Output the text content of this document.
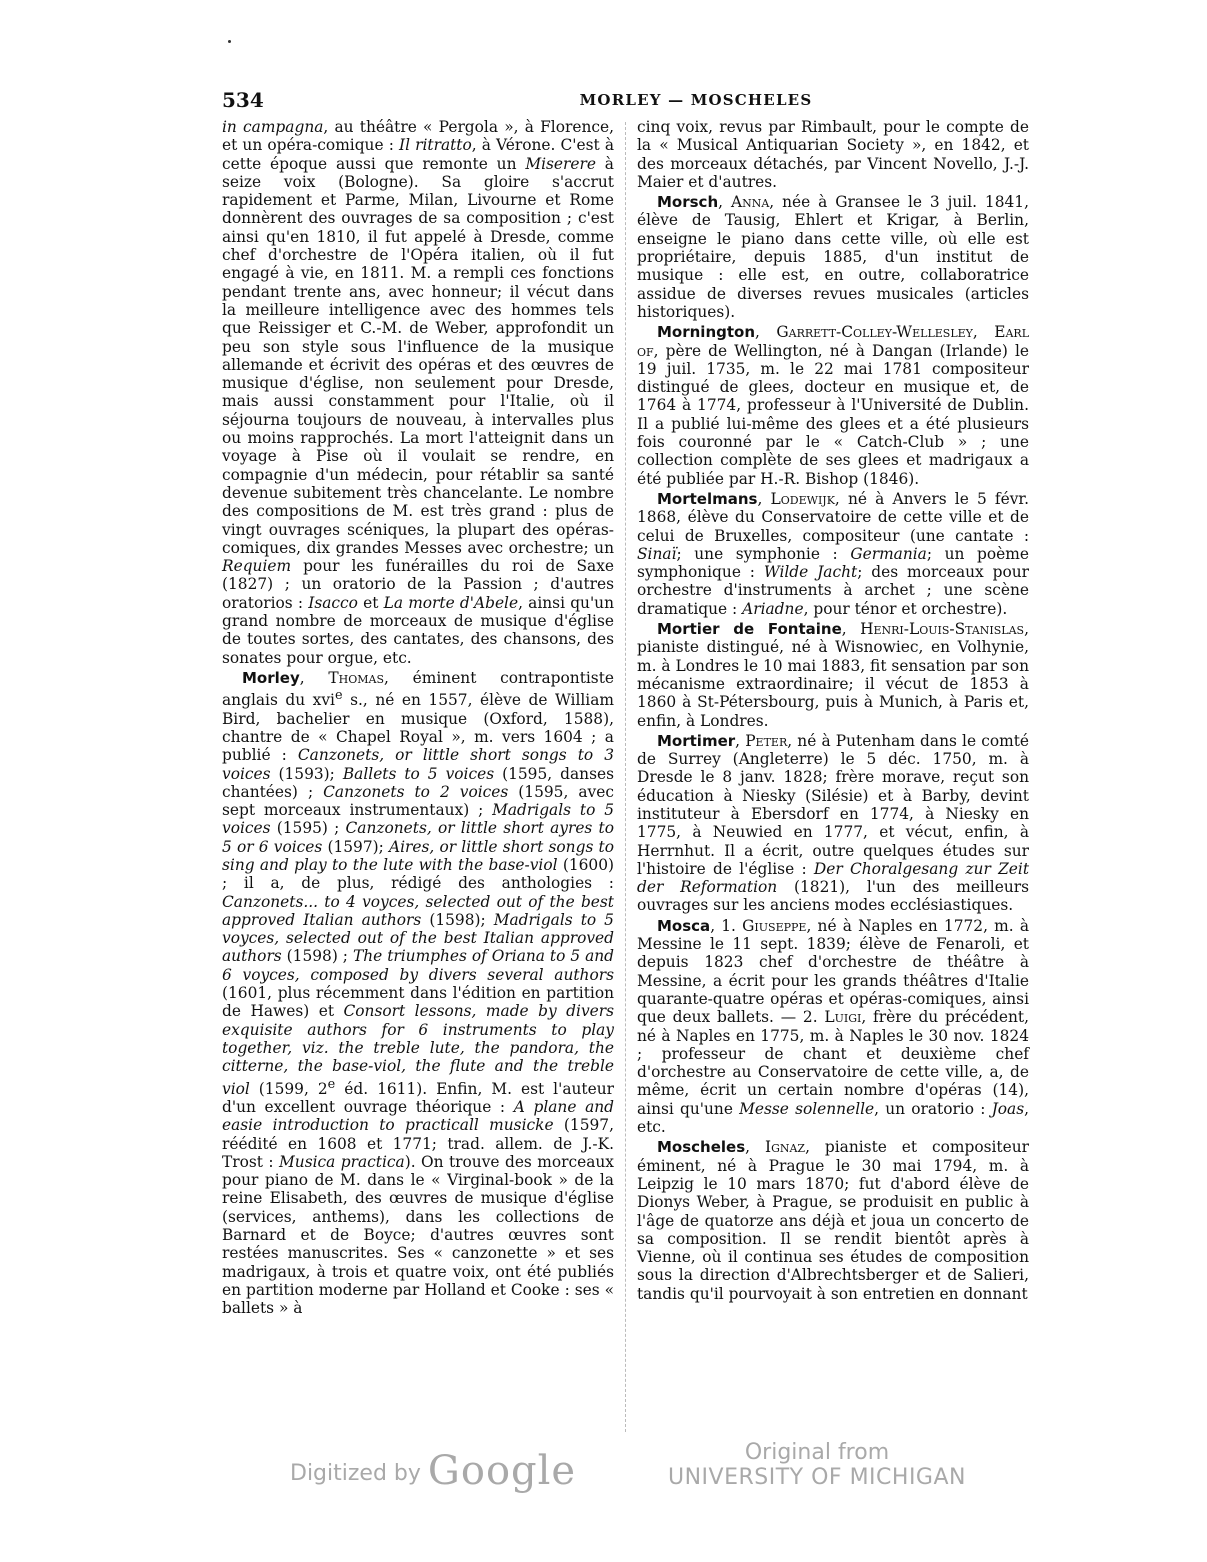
534	MORLEY — MOSCHELES

in campagna, au théâtre « Pergola », à Florence, et un opéra-comique : Il ritratto, à Vérone. C'est à cette époque aussi que remonte un Miserere à seize voix (Bologne). Sa gloire s'accrut rapidement et Parme, Milan, Livourne et Rome donnèrent des ouvrages de sa composition ; c'est ainsi qu'en 1810, il fut appelé à Dresde, comme chef d'orchestre de l'Opéra italien, où il fut engagé à vie, en 1811. M. a rempli ces fonctions pendant trente ans, avec honneur; il vécut dans la meilleure intelligence avec des hommes tels que Reissiger et C.-M. de Weber, approfondit un peu son style sous l'influence de la musique allemande et écrivit des opéras et des œuvres de musique d'église, non seulement pour Dresde, mais aussi constamment pour l'Italie, où il séjourna toujours de nouveau, à intervalles plus ou moins rapprochés. La mort l'atteignit dans un voyage à Pise où il voulait se rendre, en compagnie d'un médecin, pour rétablir sa santé devenue subitement très chancelante. Le nombre des compositions de M. est très grand : plus de vingt ouvrages scéniques, la plupart des opéras-comiques, dix grandes Messes avec orchestre; un Requiem pour les funérailles du roi de Saxe (1827) ; un oratorio de la Passion ; d'autres oratorios : Isacco et La morte d'Abele, ainsi qu'un grand nombre de morceaux de musique d'église de toutes sortes, des cantates, des chansons, des sonates pour orgue, etc.

Morley, Thomas, éminent contrapontiste anglais du xvi$^e$ s., né en 1557, élève de William Bird, bachelier en musique (Oxford, 1588), chantre de « Chapel Royal », m. vers 1604 ; a publié : Canzonets, or little short songs to 3 voices (1593); Ballets to 5 voices (1595, danses chantées) ; Canzonets to 2 voices (1595, avec sept morceaux instrumentaux) ; Madrigals to 5 voices (1595) ; Canzonets, or little short ayres to 5 or 6 voices (1597); Aires, or little short songs to sing and play to the lute with the base-viol (1600) ; il a, de plus, rédigé des anthologies : Canzonets... to 4 voyces, selected out of the best approved Italian authors (1598); Madrigals to 5 voyces, selected out of the best Italian approved authors (1598) ; The triumphes of Oriana to 5 and 6 voyces, composed by divers several authors (1601, plus récemment dans l'édition en partition de Hawes) et Consort lessons, made by divers exquisite authors for 6 instruments to play together, viz. the treble lute, the pandora, the citterne, the base-viol, the flute and the treble viol (1599, 2e éd. 1611). Enfin, M. est l'auteur d'un excellent ouvrage théorique : A plane and easie introduction to practicall musicke (1597, réédité en 1608 et 1771; trad. allem. de J.-K. Trost : Musica practica). On trouve des morceaux pour piano de M. dans le « Virginal-book » de la reine Elisabeth, des œuvres de musique d'église (services, anthems), dans les collections de Barnard et de Boyce; d'autres œuvres sont restées manuscrites. Ses « canzonette » et ses madrigaux, à trois et quatre voix, ont été publiés en partition moderne par Holland et Cooke : ses « ballets » à

cinq voix, revus par Rimbault, pour le compte de la « Musical Antiquarian Society », en 1842, et des morceaux détachés, par Vincent Novello, J.-J. Maier et d'autres.

Morsch, Anna, née à Gransee le 3 juil. 1841, élève de Tausig, Ehlert et Krigar, à Berlin, enseigne le piano dans cette ville, où elle est propriétaire, depuis 1885, d'un institut de musique : elle est, en outre, collaboratrice assidue de diverses revues musicales (articles historiques).

Mornington, Garrett-Colley-Wellesley, Earl of, père de Wellington, né à Dangan (Irlande) le 19 juil. 1735, m. le 22 mai 1781 compositeur distingué de glees, docteur en musique et, de 1764 à 1774, professeur à l'Université de Dublin. Il a publié lui-même des glees et a été plusieurs fois couronné par le « Catch-Club » ; une collection complète de ses glees et madrigaux a été publiée par H.-R. Bishop (1846).

Mortelmans, Lodewijk, né à Anvers le 5 févr. 1868, élève du Conservatoire de cette ville et de celui de Bruxelles, compositeur (une cantate : Sinaï; une symphonie : Germania; un poème symphonique : Wilde Jacht; des morceaux pour orchestre d'instruments à archet ; une scène dramatique : Ariadne, pour ténor et orchestre).

Mortier de Fontaine, Henri-Louis-Stanislas, pianiste distingué, né à Wisnowiec, en Volhynie, m. à Londres le 10 mai 1883, fit sensation par son mécanisme extraordinaire; il vécut de 1853 à 1860 à St-Pétersbourg, puis à Munich, à Paris et, enfin, à Londres.

Mortimer, Peter, né à Putenham dans le comté de Surrey (Angleterre) le 5 déc. 1750, m. à Dresde le 8 janv. 1828; frère morave, reçut son éducation à Niesky (Silésie) et à Barby, devint instituteur à Ebersdorf en 1774, à Niesky en 1775, à Neuwied en 1777, et vécut, enfin, à Herrnhut. Il a écrit, outre quelques études sur l'histoire de l'église : Der Choralgesang zur Zeit der Reformation (1821), l'un des meilleurs ouvrages sur les anciens modes ecclésiastiques.

Mosca, 1. Giuseppe, né à Naples en 1772, m. à Messine le 11 sept. 1839; élève de Fenaroli, et depuis 1823 chef d'orchestre de théâtre à Messine, a écrit pour les grands théâtres d'Italie quarante-quatre opéras et opéras-comiques, ainsi que deux ballets. — 2. Luigi, frère du précédent, né à Naples en 1775, m. à Naples le 30 nov. 1824 ; professeur de chant et deuxième chef d'orchestre au Conservatoire de cette ville, a, de même, écrit un certain nombre d'opéras (14), ainsi qu'une Messe solennelle, un oratorio : Joas, etc.

Moscheles, Ignaz, pianiste et compositeur éminent, né à Prague le 30 mai 1794, m. à Leipzig le 10 mars 1870; fut d'abord élève de Dionys Weber, à Prague, se produisit en public à l'âge de quatorze ans déjà et joua un concerto de sa composition. Il se rendit bientôt après à Vienne, où il continua ses études de composition sous la direction d'Albrechtsberger et de Salieri, tandis qu'il pourvoyait à son entretien en donnant

Digitized by Google	Original from
UNIVERSITY OF MICHIGAN
